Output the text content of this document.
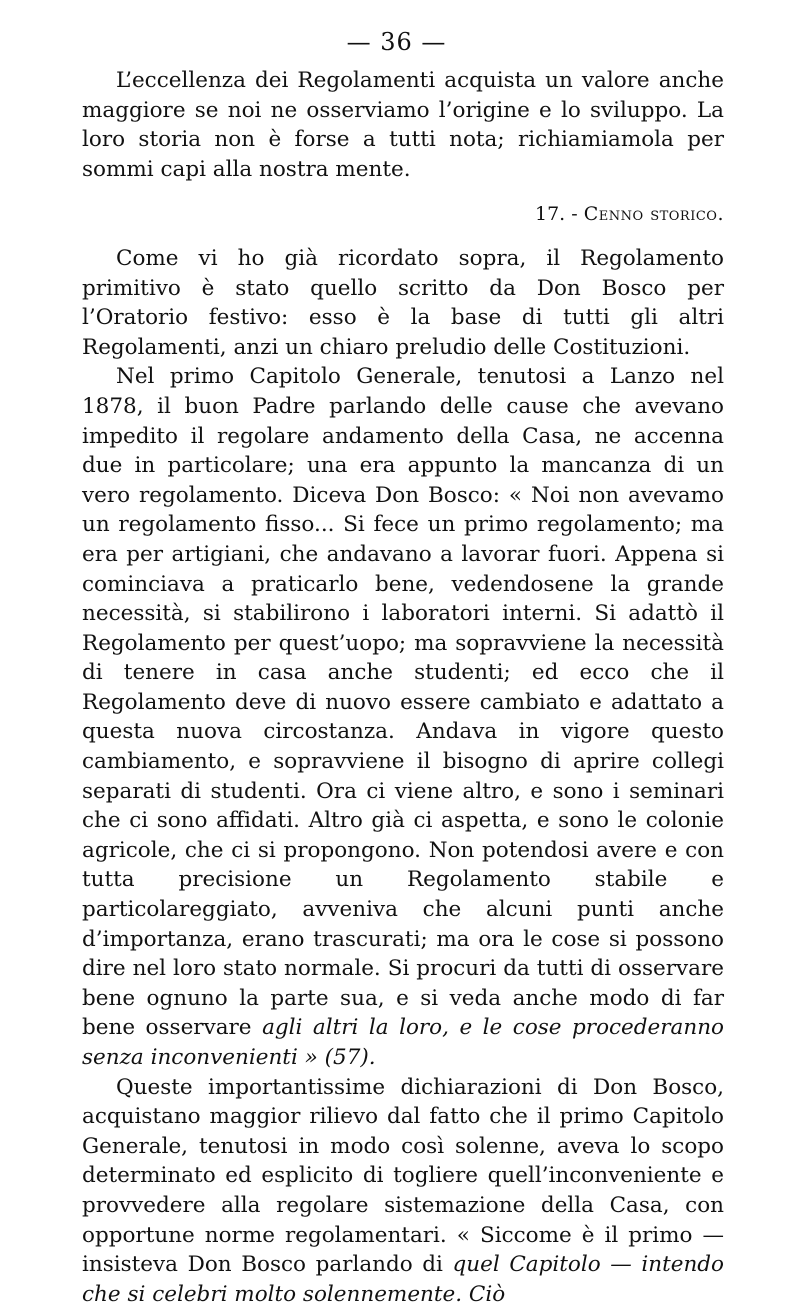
— 36 —

L’eccellenza dei Regolamenti acquista un valore anche maggiore se noi ne osserviamo l’origine e lo sviluppo. La loro storia non è forse a tutti nota; richiamiamola per sommi capi alla nostra mente.

17. - Cenno storico.

Come vi ho già ricordato sopra, il Regolamento primitivo è stato quello scritto da Don Bosco per l’Oratorio festivo: esso è la base di tutti gli altri Regolamenti, anzi un chiaro preludio delle Costituzioni.

Nel primo Capitolo Generale, tenutosi a Lanzo nel 1878, il buon Padre parlando delle cause che avevano impedito il regolare andamento della Casa, ne accenna due in particolare; una era appunto la mancanza di un vero regolamento. Diceva Don Bosco: « Noi non avevamo un regolamento fisso... Si fece un primo regolamento; ma era per artigiani, che andavano a lavorar fuori. Appena si cominciava a praticarlo bene, vedendosene la grande necessità, si stabilirono i laboratori interni. Si adattò il Regolamento per quest’uopo; ma sopravviene la necessità di tenere in casa anche studenti; ed ecco che il Regolamento deve di nuovo essere cambiato e adattato a questa nuova circostanza. Andava in vigore questo cambiamento, e sopravviene il bisogno di aprire collegi separati di studenti. Ora ci viene altro, e sono i seminari che ci sono affidati. Altro già ci aspetta, e sono le colonie agricole, che ci si propongono. Non potendosi avere e con tutta precisione un Regolamento stabile e particolareggiato, avveniva che alcuni punti anche d’importanza, erano trascurati; ma ora le cose si possono dire nel loro stato normale. Si procuri da tutti di osservare bene ognuno la parte sua, e si veda anche modo di far bene osservare agli altri la loro, e le cose procederanno senza inconvenienti » (57).

Queste importantissime dichiarazioni di Don Bosco, acquistano maggior rilievo dal fatto che il primo Capitolo Generale, tenutosi in modo così solenne, aveva lo scopo determinato ed esplicito di togliere quell’inconveniente e provvedere alla regolare sistemazione della Casa, con opportune norme regolamentari. « Siccome è il primo — insisteva Don Bosco parlando di quel Capitolo — intendo che si celebri molto solennemente. Ciò
